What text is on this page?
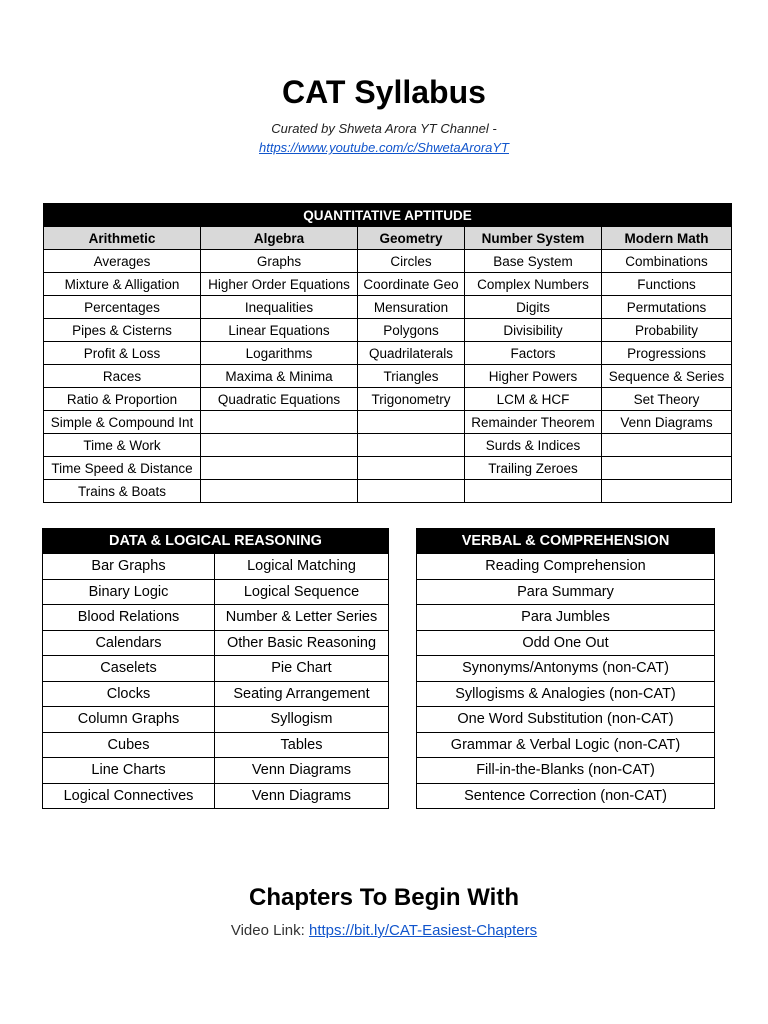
CAT Syllabus
Curated by Shweta Arora YT Channel -
https://www.youtube.com/c/ShwetaAroraYT
QUANTITATIVE APTITUDE				
Arithmetic	Algebra	Geometry	Number System	Modern Math
Averages	Graphs	Circles	Base System	Combinations
Mixture & Alligation	Higher Order Equations	Coordinate Geo	Complex Numbers	Functions
Percentages	Inequalities	Mensuration	Digits	Permutations
Pipes & Cisterns	Linear Equations	Polygons	Divisibility	Probability
Profit & Loss	Logarithms	Quadrilaterals	Factors	Progressions
Races	Maxima & Minima	Triangles	Higher Powers	Sequence & Series
Ratio & Proportion	Quadratic Equations	Trigonometry	LCM & HCF	Set Theory
Simple & Compound Int			Remainder Theorem	Venn Diagrams
Time & Work			Surds & Indices	
Time Speed & Distance			Trailing Zeroes	
Trains & Boats				
DATA & LOGICAL REASONING	
Bar Graphs	Logical Matching
Binary Logic	Logical Sequence
Blood Relations	Number & Letter Series
Calendars	Other Basic Reasoning
Caselets	Pie Chart
Clocks	Seating Arrangement
Column Graphs	Syllogism
Cubes	Tables
Line Charts	Venn Diagrams
Logical Connectives	Venn Diagrams
VERBAL & COMPREHENSION
Reading Comprehension
Para Summary
Para Jumbles
Odd One Out
Synonyms/Antonyms (non-CAT)
Syllogisms & Analogies (non-CAT)
One Word Substitution (non-CAT)
Grammar & Verbal Logic (non-CAT)
Fill-in-the-Blanks (non-CAT)
Sentence Correction (non-CAT)
Chapters To Begin With
Video Link: https://bit.ly/CAT-Easiest-Chapters
